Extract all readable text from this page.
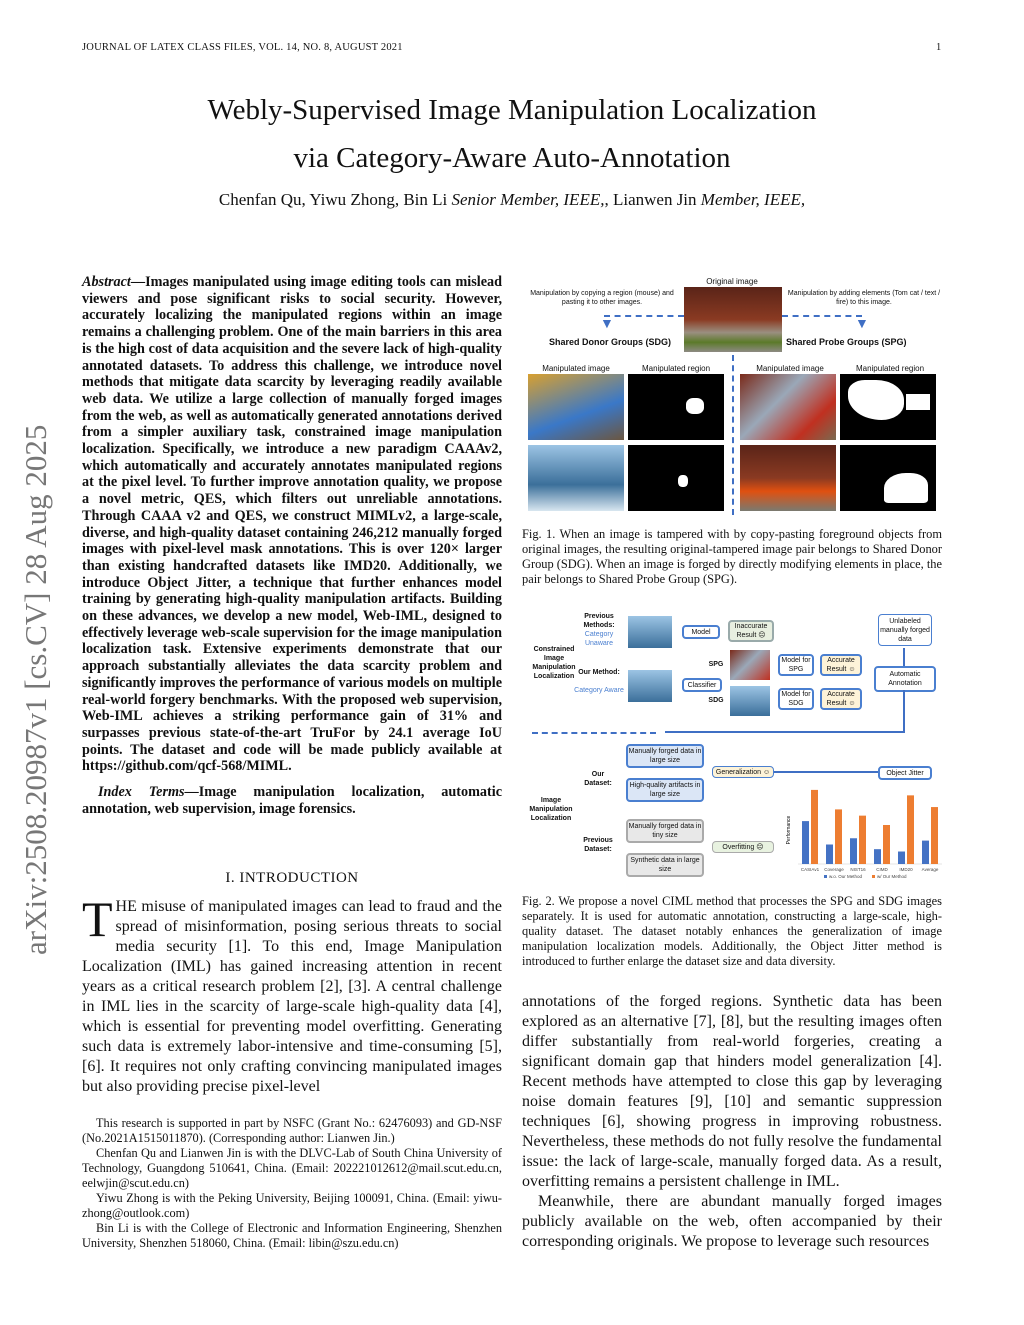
JOURNAL OF LATEX CLASS FILES, VOL. 14, NO. 8, AUGUST 2021	1
arXiv:2508.20987v1 [cs.CV] 28 Aug 2025
Webly-Supervised Image Manipulation Localization
via Category-Aware Auto-Annotation
Chenfan Qu, Yiwu Zhong, Bin Li Senior Member, IEEE,, Lianwen Jin Member, IEEE,
Abstract—Images manipulated using image editing tools can mislead viewers and pose significant risks to social security. However, accurately localizing the manipulated regions within an image remains a challenging problem. One of the main barriers in this area is the high cost of data acquisition and the severe lack of high-quality annotated datasets. To address this challenge, we introduce novel methods that mitigate data scarcity by leveraging readily available web data. We utilize a large collection of manually forged images from the web, as well as automatically generated annotations derived from a simpler auxiliary task, constrained image manipulation localization. Specifically, we introduce a new paradigm CAAAv2, which automatically and accurately annotates manipulated regions at the pixel level. To further improve annotation quality, we propose a novel metric, QES, which filters out unreliable annotations. Through CAAA v2 and QES, we construct MIMLv2, a large-scale, diverse, and high-quality dataset containing 246,212 manually forged images with pixel-level mask annotations. This is over 120× larger than existing handcrafted datasets like IMD20. Additionally, we introduce Object Jitter, a technique that further enhances model training by generating high-quality manipulation artifacts. Building on these advances, we develop a new model, Web-IML, designed to effectively leverage web-scale supervision for the image manipulation localization task. Extensive experiments demonstrate that our approach substantially alleviates the data scarcity problem and significantly improves the performance of various models on multiple real-world forgery benchmarks. With the proposed web supervision, Web-IML achieves a striking performance gain of 31% and surpasses previous state-of-the-art TruFor by 24.1 average IoU points. The dataset and code will be made publicly available at https://github.com/qcf-568/MIML.
Index Terms—Image manipulation localization, automatic annotation, web supervision, image forensics.
I. INTRODUCTION
THE misuse of manipulated images can lead to fraud and the spread of misinformation, posing serious threats to social media security [1]. To this end, Image Manipulation Localization (IML) has gained increasing attention in recent years as a critical research problem [2], [3]. A central challenge in IML lies in the scarcity of large-scale high-quality data [4], which is essential for preventing model overfitting. Generating such data is extremely labor-intensive and time-consuming [5], [6]. It requires not only crafting convincing manipulated images but also providing precise pixel-level

This research is supported in part by NSFC (Grant No.: 62476093) and GD-NSF (No.2021A1515011870). (Corresponding author: Lianwen Jin.)

Chenfan Qu and Lianwen Jin is with the DLVC-Lab of South China University of Technology, Guangdong 510641, China. (Email: 202221012612@mail.scut.edu.cn, eelwjin@scut.edu.cn)

Yiwu Zhong is with the Peking University, Beijing 100091, China. (Email: yiwu-zhong@outlook.com)

Bin Li is with the College of Electronic and Information Engineering, Shenzhen University, Shenzhen 518060, China. (Email: libin@szu.edu.cn)

Original image
Manipulation by copying a region (mouse) and pasting it to other images.
Manipulation by adding elements (Tom cat / text / fire) to this image.
▼	▼
Shared Donor Groups (SDG)	Shared Probe Groups (SPG)
Manipulated image	Manipulated region	Manipulated image	Manipulated region
Fig. 1. When an image is tampered with by copy-pasting foreground objects from original images, the resulting original-tampered image pair belongs to Shared Donor Group (SDG). When an image is forged by directly modifying elements in place, the pair belongs to Shared Probe Group (SPG).
Previous Methods:
Category Unaware
Constrained Image Manipulation Localization
Our Method:
Category Aware
Model
Inaccurate Result ☹
Classifier
SPG
SDG
Model for SPG
Model for SDG
Accurate Result ☺
Accurate Result ☺
Unlabeled manually forged data
Automatic Annotation
Our Dataset:
Image Manipulation Localization
Previous Dataset:
Manually forged data in large size
High-quality artifacts in large size
Generalization ☺	Object Jitter
Manually forged data in tiny size
Synthetic data in large size
Overfitting ☹
Performance
CASIAv1 Coverage NIST16 CIMD	IMD20 Average
w.o. Our Method	w/ Our Method
Fig. 2. We propose a novel CIML method that processes the SPG and SDG images separately. It is used for automatic annotation, constructing a large-scale, high-quality dataset. The dataset notably enhances the generalization of image manipulation localization models. Additionally, the Object Jitter method is introduced to further enlarge the dataset size and data diversity.

annotations of the forged regions. Synthetic data has been explored as an alternative [7], [8], but the resulting images often differ substantially from real-world forgeries, creating a significant domain gap that hinders model generalization [4]. Recent methods have attempted to close this gap by leveraging noise domain features [9], [10] and semantic suppression techniques [6], showing progress in improving robustness. Nevertheless, these methods do not fully resolve the fundamental issue: the lack of large-scale, manually forged data. As a result, overfitting remains a persistent challenge in IML.

Meanwhile, there are abundant manually forged images publicly available on the web, often accompanied by their corresponding originals. We propose to leverage such resources
